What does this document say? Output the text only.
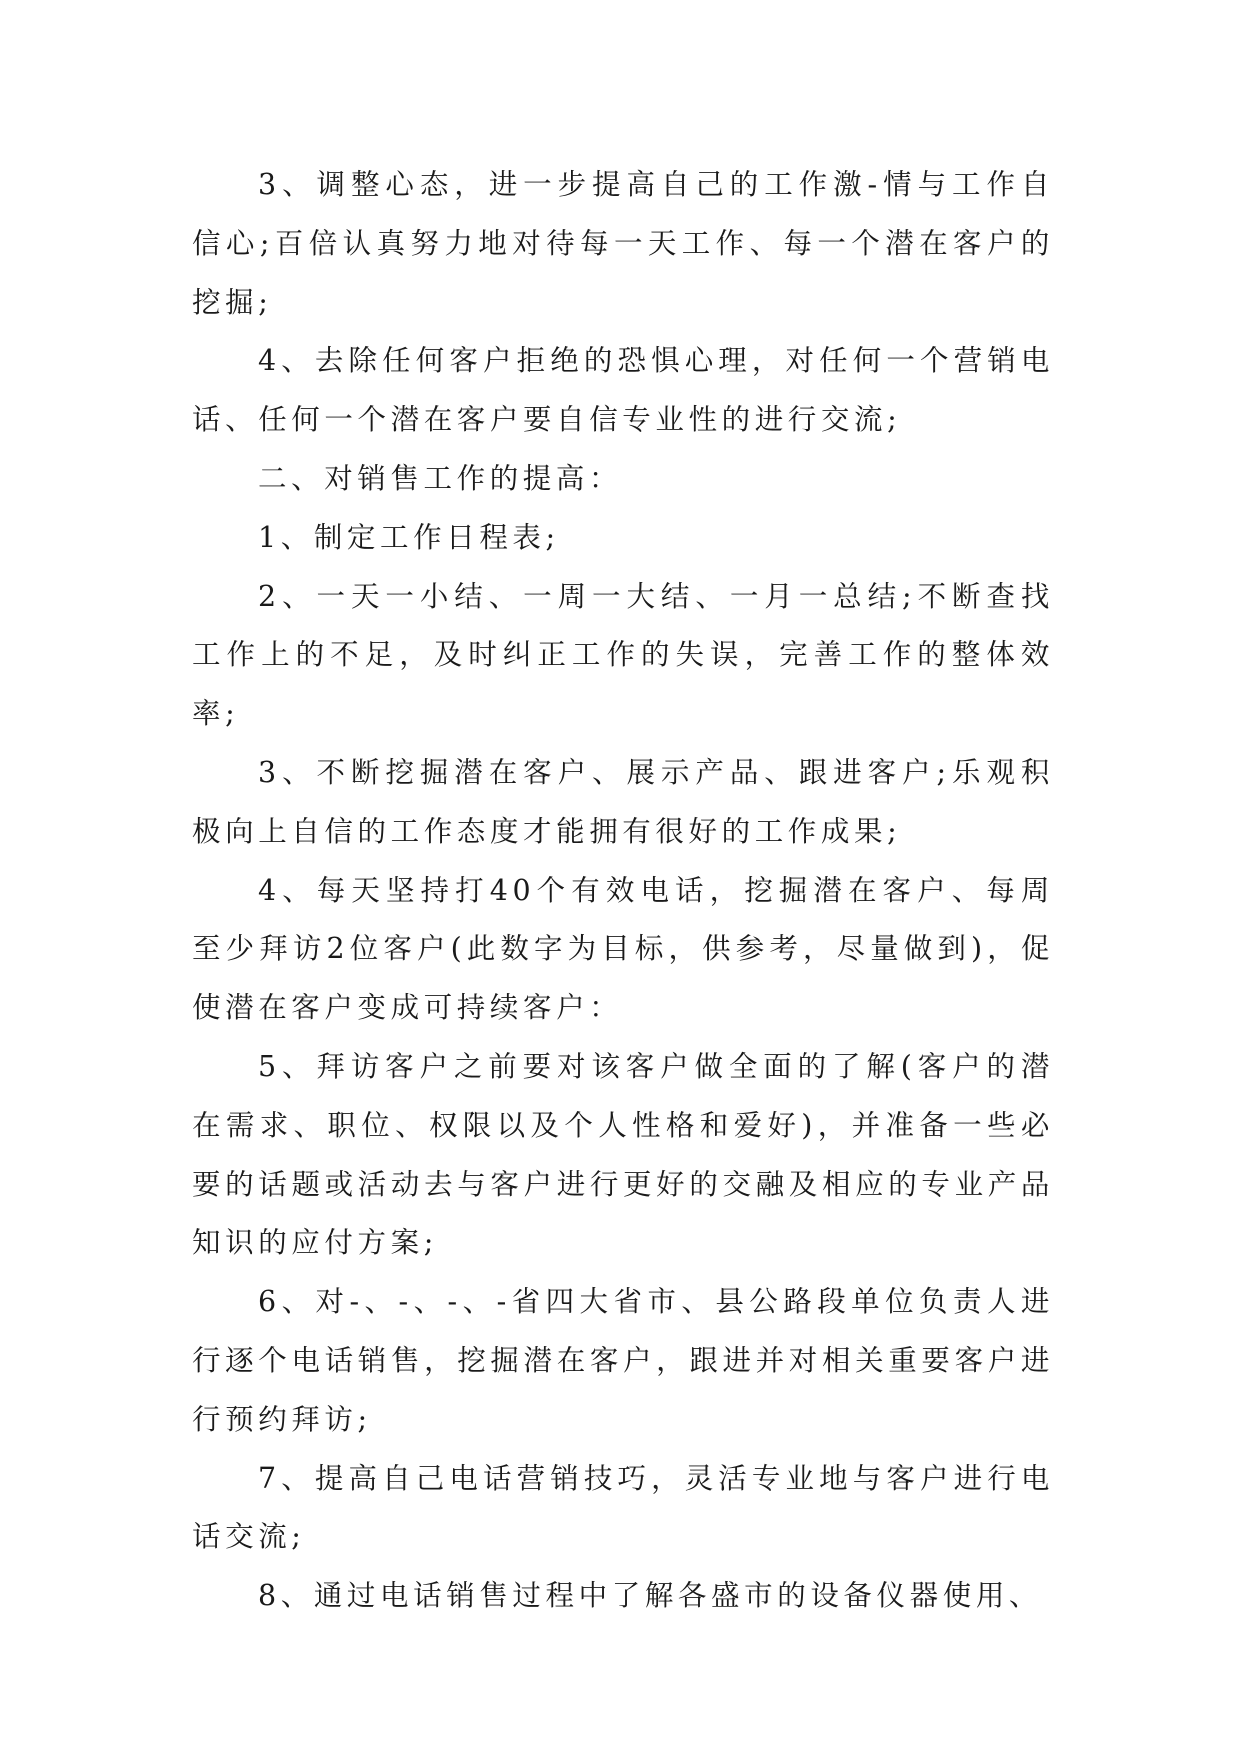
3、调整心态，进一步提高自己的工作激-情与工作自信心;百倍认真努力地对待每一天工作、每一个潜在客户的挖掘;

4、去除任何客户拒绝的恐惧心理，对任何一个营销电话、任何一个潜在客户要自信专业性的进行交流;

二、对销售工作的提高：

1、制定工作日程表;

2、一天一小结、一周一大结、一月一总结;不断查找工作上的不足，及时纠正工作的失误，完善工作的整体效率;

3、不断挖掘潜在客户、展示产品、跟进客户;乐观积极向上自信的工作态度才能拥有很好的工作成果;

4、每天坚持打40个有效电话，挖掘潜在客户、每周至少拜访2位客户(此数字为目标，供参考，尽量做到)，促使潜在客户变成可持续客户：

5、拜访客户之前要对该客户做全面的了解(客户的潜在需求、职位、权限以及个人性格和爱好)，并准备一些必要的话题或活动去与客户进行更好的交融及相应的专业产品知识的应付方案;

6、对-、-、-、-省四大省市、县公路段单位负责人进行逐个电话销售，挖掘潜在客户，跟进并对相关重要客户进行预约拜访;

7、提高自己电话营销技巧，灵活专业地与客户进行电话交流;

8、通过电话销售过程中了解各盛市的设备仪器使用、
